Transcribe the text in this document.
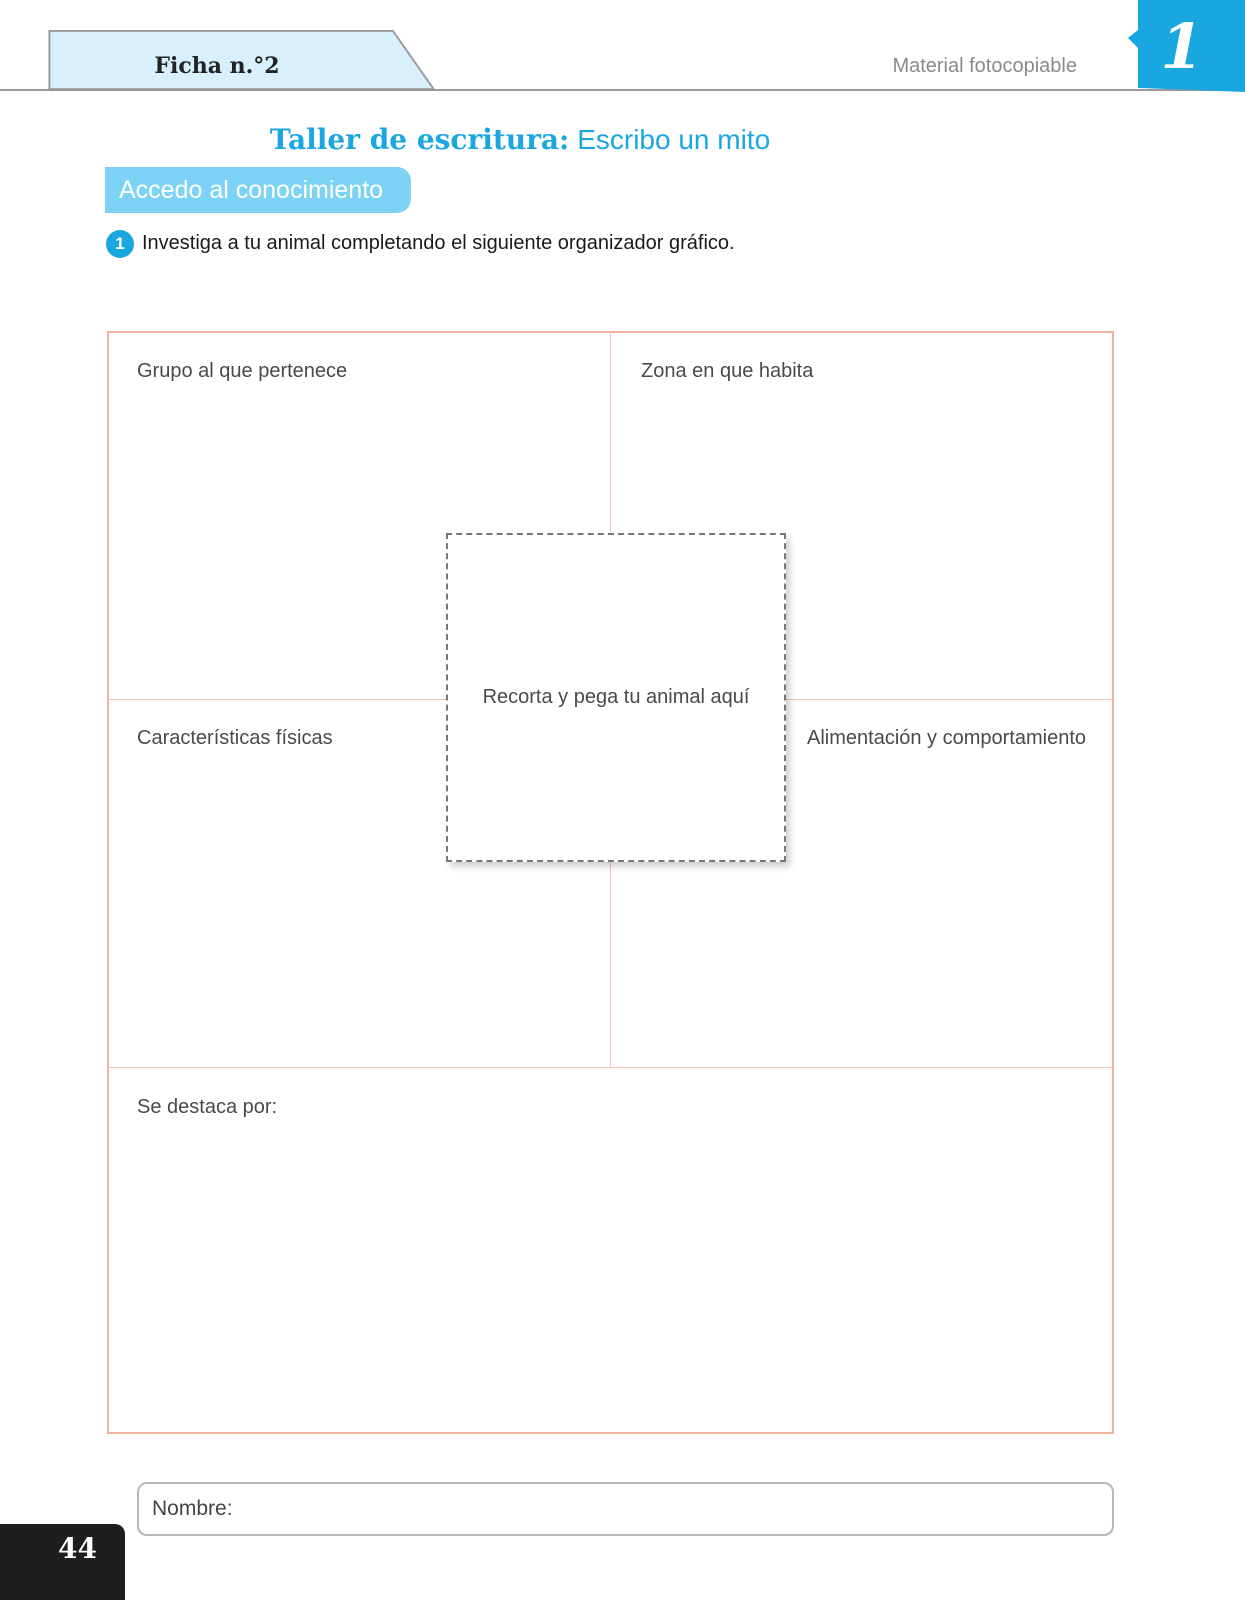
Ficha n.°2	Material fotocopiable 1
Taller de escritura: Escribo un mito
Accedo al conocimiento
1 Investiga a tu animal completando el siguiente organizador gráfico.
Grupo al que pertenece	Zona en que habita
Características físicas	Alimentación y comportamiento
Se destaca por:
Recorta y pega tu animal aquí
Nombre:
44
